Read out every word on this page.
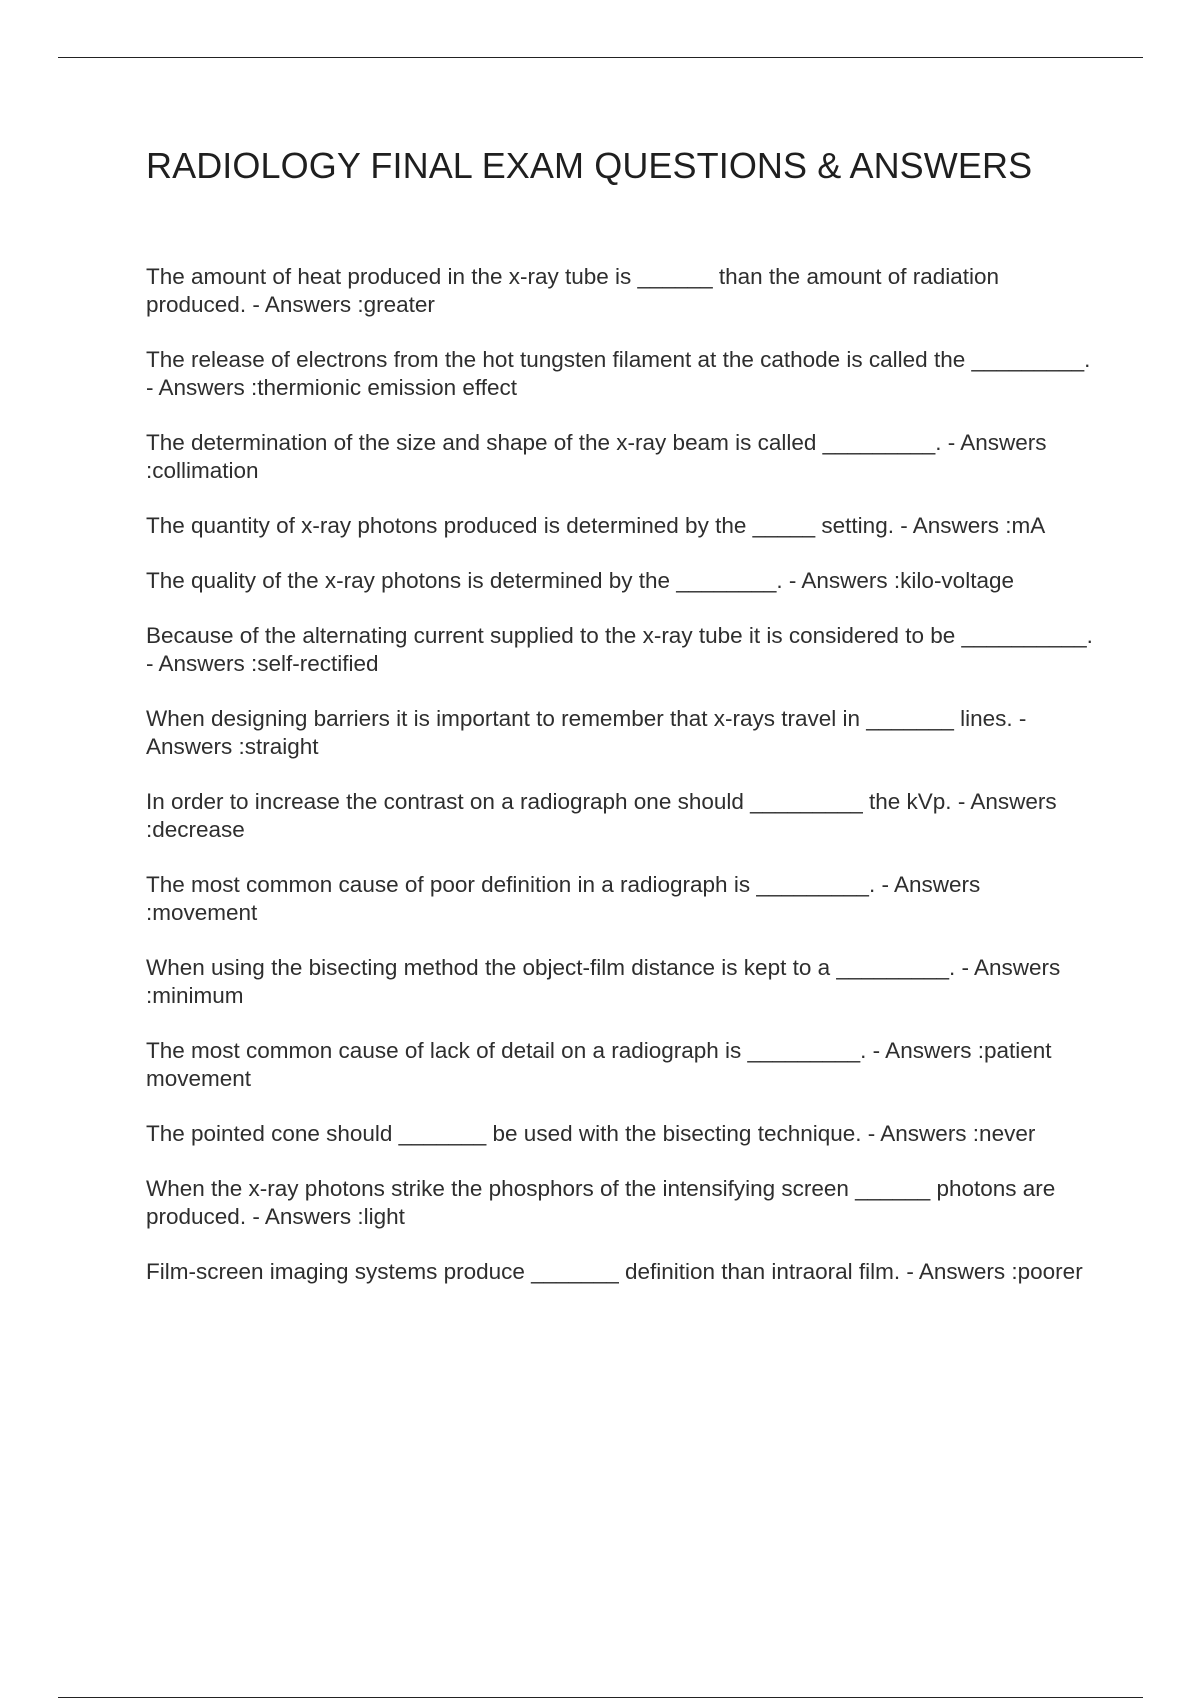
RADIOLOGY FINAL EXAM QUESTIONS & ANSWERS
The amount of heat produced in the x-ray tube is ______ than the amount of radiation produced. - Answers :greater
The release of electrons from the hot tungsten filament at the cathode is called the _________. - Answers :thermionic emission effect
The determination of the size and shape of the x-ray beam is called _________. - Answers :collimation
The quantity of x-ray photons produced is determined by the _____ setting. - Answers :mA
The quality of the x-ray photons is determined by the ________. - Answers :kilo-voltage
Because of the alternating current supplied to the x-ray tube it is considered to be __________. - Answers :self-rectified
When designing barriers it is important to remember that x-rays travel in _______ lines. - Answers :straight
In order to increase the contrast on a radiograph one should _________ the kVp. - Answers :decrease
The most common cause of poor definition in a radiograph is _________. - Answers :movement
When using the bisecting method the object-film distance is kept to a _________. - Answers :minimum
The most common cause of lack of detail on a radiograph is _________. - Answers :patient movement
The pointed cone should _______ be used with the bisecting technique. - Answers :never
When the x-ray photons strike the phosphors of the intensifying screen ______ photons are produced. - Answers :light
Film-screen imaging systems produce _______ definition than intraoral film. - Answers :poorer
